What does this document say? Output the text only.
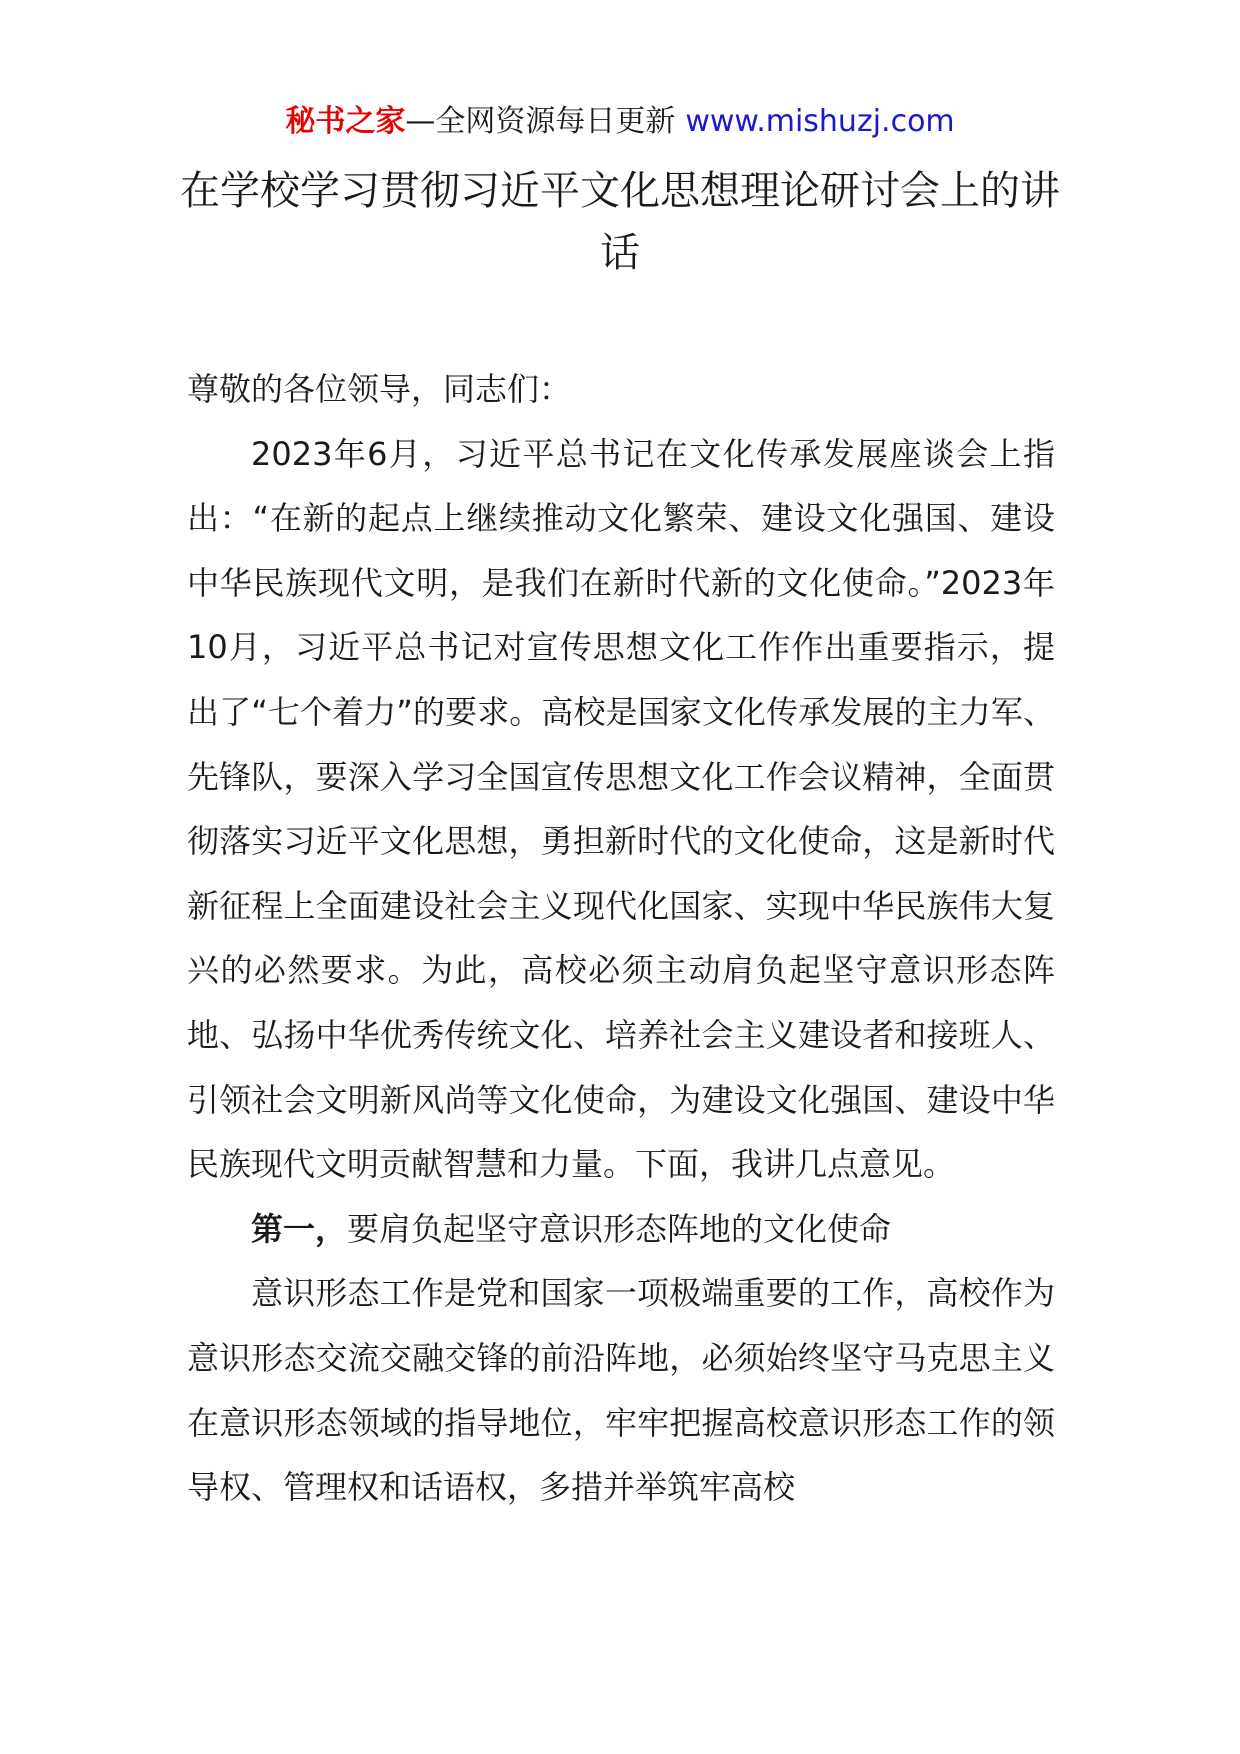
秘书之家—全网资源每日更新 www.mishuzj.com
在学校学习贯彻习近平文化思想理论研讨会上的讲话

尊敬的各位领导，同志们：

2023年6月，习近平总书记在文化传承发展座谈会上指出：“在新的起点上继续推动文化繁荣、建设文化强国、建设中华民族现代文明，是我们在新时代新的文化使命。”2023年10月，习近平总书记对宣传思想文化工作作出重要指示，提出了“七个着力”的要求。高校是国家文化传承发展的主力军、先锋队，要深入学习全国宣传思想文化工作会议精神，全面贯彻落实习近平文化思想，勇担新时代的文化使命，这是新时代新征程上全面建设社会主义现代化国家、实现中华民族伟大复兴的必然要求。为此，高校必须主动肩负起坚守意识形态阵地、弘扬中华优秀传统文化、培养社会主义建设者和接班人、引领社会文明新风尚等文化使命，为建设文化强国、建设中华民族现代文明贡献智慧和力量。下面，我讲几点意见。

第一，要肩负起坚守意识形态阵地的文化使命

意识形态工作是党和国家一项极端重要的工作，高校作为意识形态交流交融交锋的前沿阵地，必须始终坚守马克思主义在意识形态领域的指导地位，牢牢把握高校意识形态工作的领导权、管理权和话语权，多措并举筑牢高校
